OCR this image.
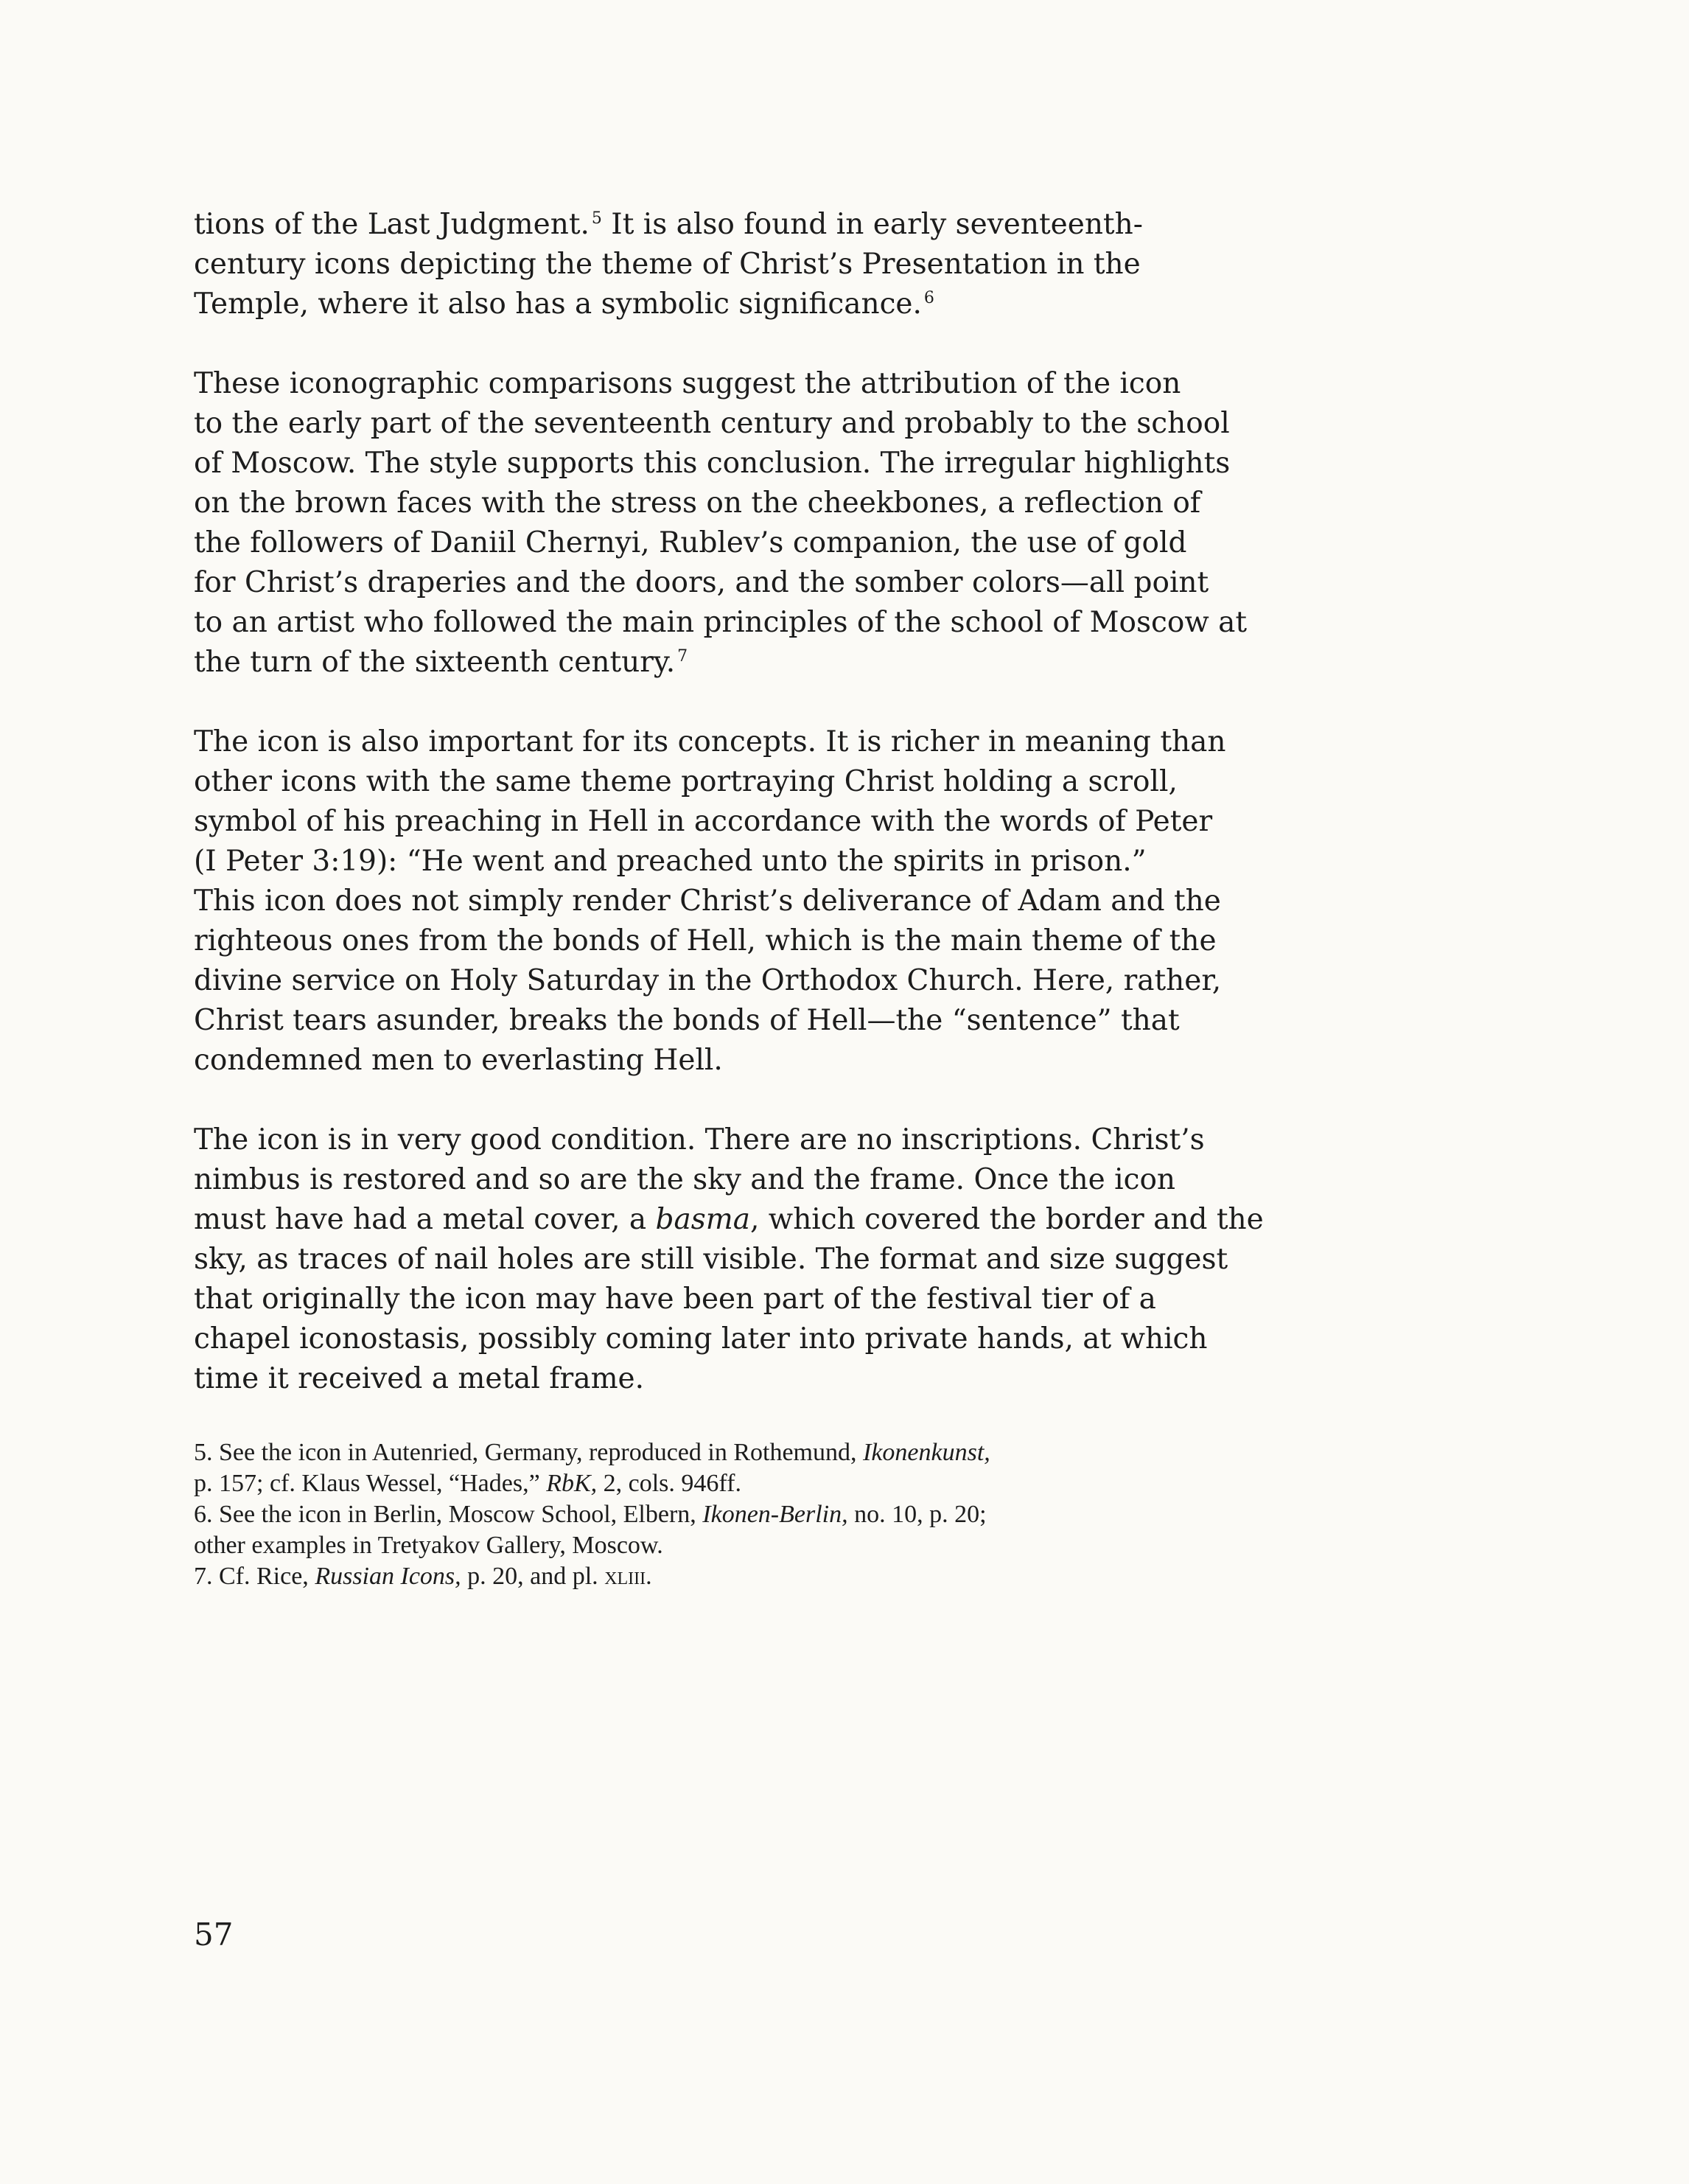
tions of the Last Judgment. $^5$ It is also found in early seventeenth-
century icons depicting the theme of Christ’s Presentation in the
Temple, where it also has a symbolic significance. $^6$

These iconographic comparisons suggest the attribution of the icon
to the early part of the seventeenth century and probably to the school
of Moscow. The style supports this conclusion. The irregular highlights
on the brown faces with the stress on the cheekbones, a reflection of
the followers of Daniil Chernyi, Rublev’s companion, the use of gold
for Christ’s draperies and the doors, and the somber colors—all point
to an artist who followed the main principles of the school of Moscow at
the turn of the sixteenth century. $^7$

The icon is also important for its concepts. It is richer in meaning than
other icons with the same theme portraying Christ holding a scroll,
symbol of his preaching in Hell in accordance with the words of Peter
(I Peter 3:19): “He went and preached unto the spirits in prison.”
This icon does not simply render Christ’s deliverance of Adam and the
righteous ones from the bonds of Hell, which is the main theme of the
divine service on Holy Saturday in the Orthodox Church. Here, rather,
Christ tears asunder, breaks the bonds of Hell—the “sentence” that
condemned men to everlasting Hell.

The icon is in very good condition. There are no inscriptions. Christ’s
nimbus is restored and so are the sky and the frame. Once the icon
must have had a metal cover, a basma, which covered the border and the
sky, as traces of nail holes are still visible. The format and size suggest
that originally the icon may have been part of the festival tier of a
chapel iconostasis, possibly coming later into private hands, at which
time it received a metal frame.

5. See the icon in Autenried, Germany, reproduced in Rothemund, Ikonenkunst,
p. 157; cf. Klaus Wessel, “Hades,” RbK, 2, cols. 946ff.
6. See the icon in Berlin, Moscow School, Elbern, Ikonen-Berlin, no. 10, p. 20;
other examples in Tretyakov Gallery, Moscow.
7. Cf. Rice, Russian Icons, p. 20, and pl. xliii.
57
